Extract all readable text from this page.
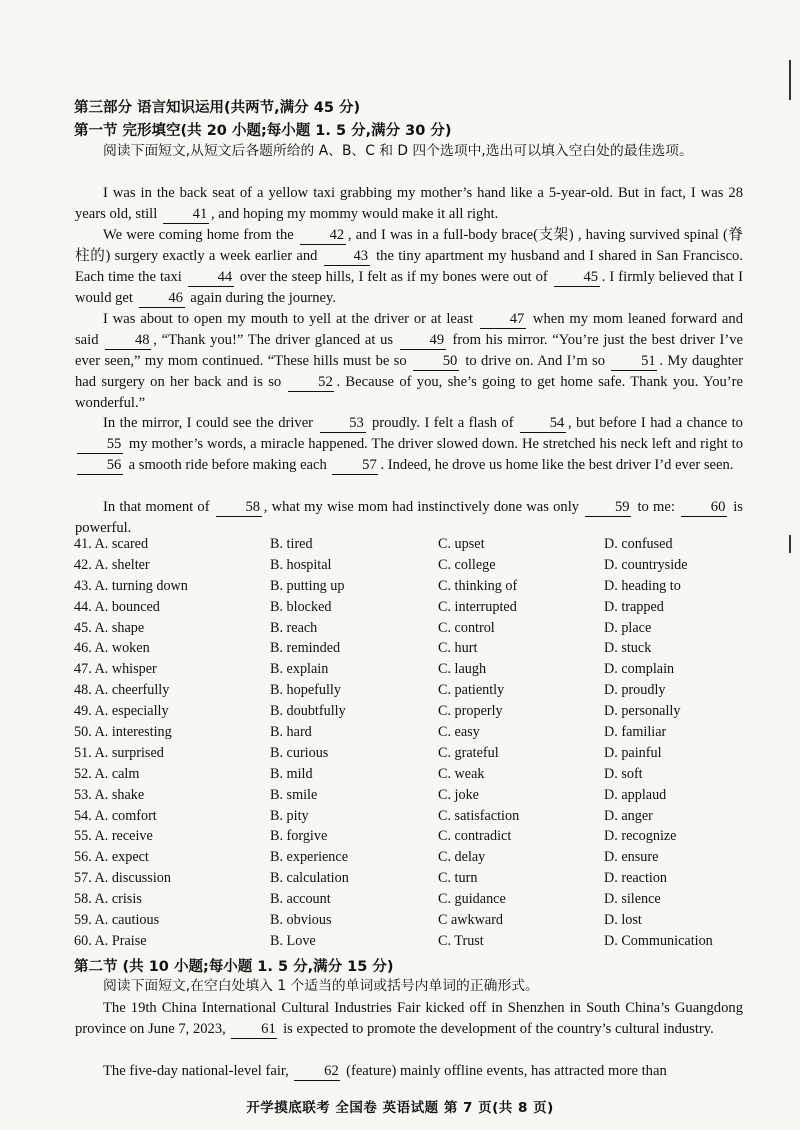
第三部分 语言知识运用(共两节,满分 45 分)
第一节 完形填空(共 20 小题;每小题 1. 5 分,满分 30 分)
阅读下面短文,从短文后各题所给的 A、B、C 和 D 四个选项中,选出可以填入空白处的最佳选项。
I was in the back seat of a yellow taxi grabbing my mother’s hand like a 5-year-old. But in fact, I was 28 years old, still 41 , and hoping my mommy would make it all right.
We were coming home from the 42 , and I was in a full-body brace(支架) , having survived spinal (脊柱的) surgery exactly a week earlier and 43 the tiny apartment my husband and I shared in San Francisco. Each time the taxi 44 over the steep hills, I felt as if my bones were out of 45 . I firmly believed that I would get 46 again during the journey.
I was about to open my mouth to yell at the driver or at least 47 when my mom leaned forward and said 48 , “Thank you!” The driver glanced at us 49 from his mirror. “You’re just the best driver I’ve ever seen,” my mom continued. “These hills must be so 50 to drive on. And I’m so 51 . My daughter had surgery on her back and is so 52 . Because of you, she’s going to get home safe. Thank you. You’re wonderful.”
In the mirror, I could see the driver 53 proudly. I felt a flash of 54 , but before I had a chance to 55 my mother’s words, a miracle happened. The driver slowed down. He stretched his neck left and right to 56 a smooth ride before making each 57 . Indeed, he drove us home like the best driver I’d ever seen.
In that moment of 58 , what my wise mom had instinctively done was only 59 to me: 60 is powerful.
41. A. scared	B. tired	C. upset	D. confused
42. A. shelter	B. hospital	C. college	D. countryside
43. A. turning down	B. putting up	C. thinking of	D. heading to
44. A. bounced	B. blocked	C. interrupted	D. trapped
45. A. shape	B. reach	C. control	D. place
46. A. woken	B. reminded	C. hurt	D. stuck
47. A. whisper	B. explain	C. laugh	D. complain
48. A. cheerfully	B. hopefully	C. patiently	D. proudly
49. A. especially	B. doubtfully	C. properly	D. personally
50. A. interesting	B. hard	C. easy	D. familiar
51. A. surprised	B. curious	C. grateful	D. painful
52. A. calm	B. mild	C. weak	D. soft
53. A. shake	B. smile	C. joke	D. applaud
54. A. comfort	B. pity	C. satisfaction	D. anger
55. A. receive	B. forgive	C. contradict	D. recognize
56. A. expect	B. experience	C. delay	D. ensure
57. A. discussion	B. calculation	C. turn	D. reaction
58. A. crisis	B. account	C. guidance	D. silence
59. A. cautious	B. obvious	C awkward	D. lost
60. A. Praise	B. Love	C. Trust	D. Communication
第二节 (共 10 小题;每小题 1. 5 分,满分 15 分)
阅读下面短文,在空白处填入 1 个适当的单词或括号内单词的正确形式。
The 19th China International Cultural Industries Fair kicked off in Shenzhen in South China’s Guangdong province on June 7, 2023, 61 is expected to promote the development of the country’s cultural industry.
The five-day national-level fair, 62 (feature) mainly offline events, has attracted more than
开学摸底联考 全国卷 英语试题 第 7 页(共 8 页)
